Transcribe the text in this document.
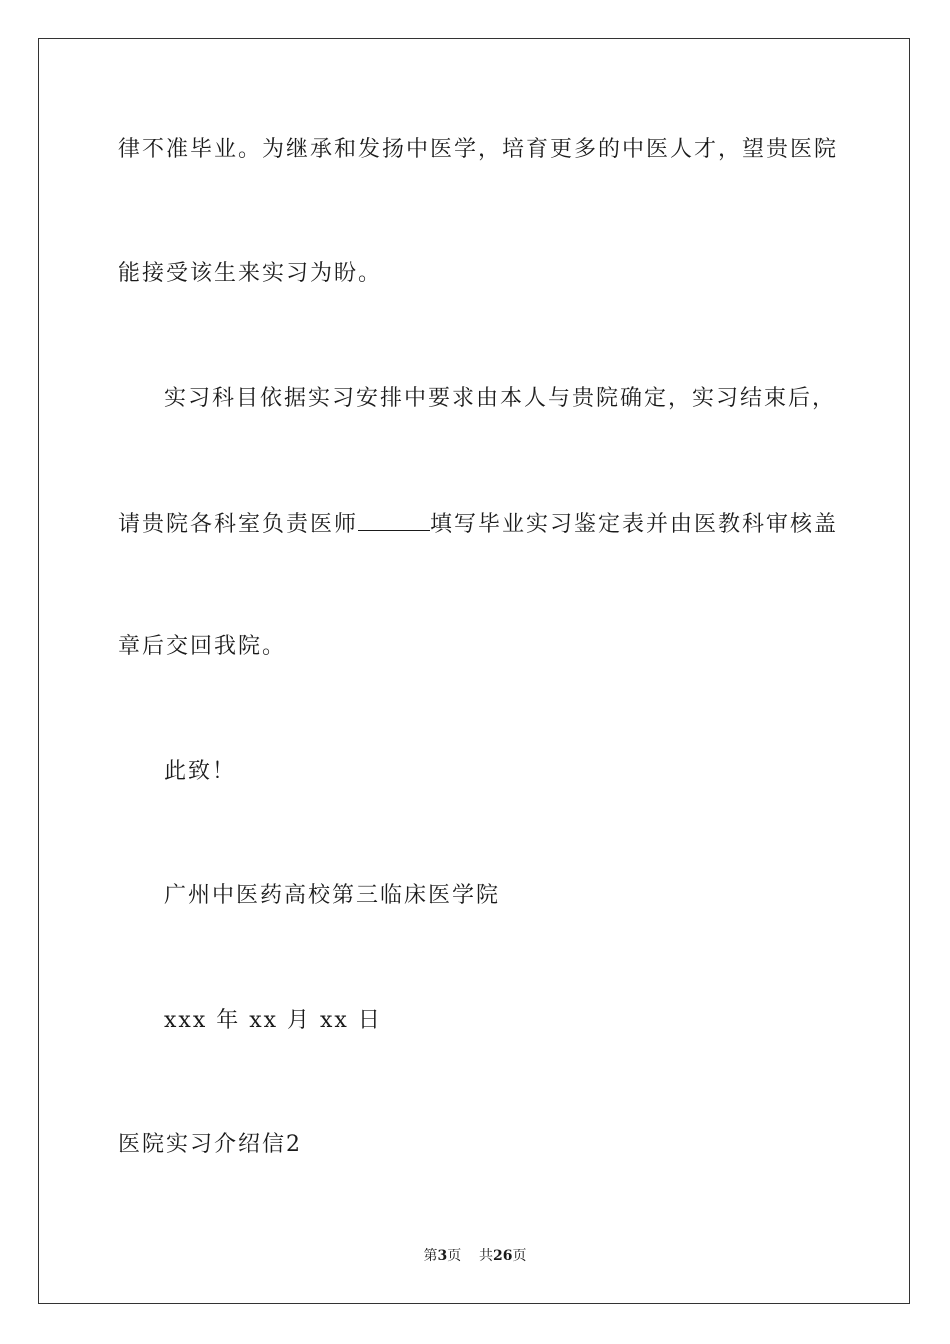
律不准毕业。为继承和发扬中医学，培育更多的中医人才，望贵医院
能接受该生来实习为盼。
实习科目依据实习安排中要求由本人与贵院确定，实习结束后，
请贵院各科室负责医师	填写毕业实习鉴定表并由医教科审核盖
章后交回我院。
此致！
广州中医药高校第三临床医学院
xxx 年 xx 月 xx 日
医院实习介绍信2
第3页 共26页
